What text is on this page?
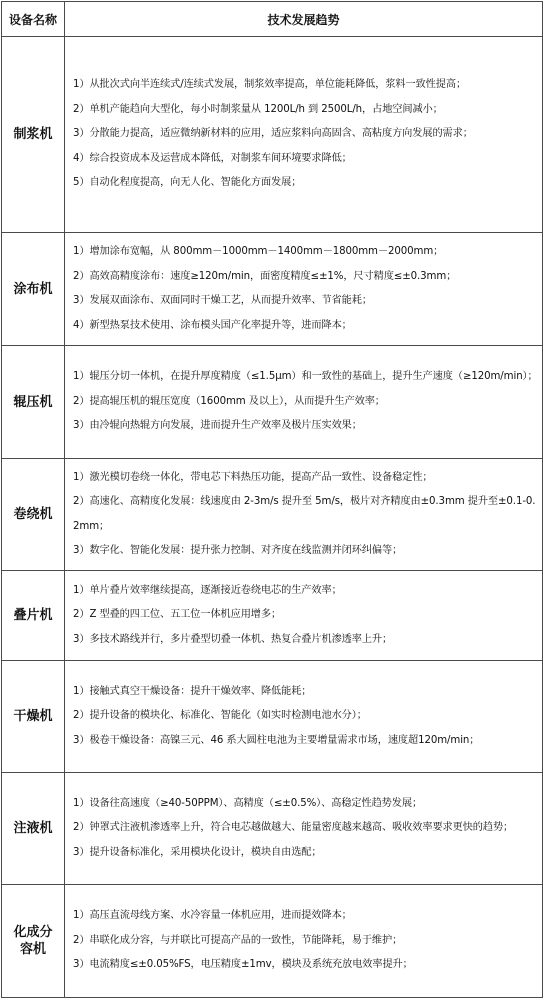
设备名称	技术发展趋势
制浆机	1）从批次式向半连续式/连续式发展，制浆效率提高，单位能耗降低，浆料一致性提高；
2）单机产能趋向大型化，每小时制浆量从 1200L/h 到 2500L/h，占地空间减小；
3）分散能力提高，适应微纳新材料的应用，适应浆料向高固含、高粘度方向发展的需求；
4）综合投资成本及运营成本降低，对制浆车间环境要求降低；
5）自动化程度提高，向无人化、智能化方面发展；

涂布机	1）增加涂布宽幅，从 800mm－1000mm－1400mm－1800mm－2000mm；
2）高效高精度涂布：速度≥120m/min，面密度精度≤±1%，尺寸精度≤±0.3mm；
3）发展双面涂布、双面同时干燥工艺，从而提升效率、节省能耗；
4）新型热泵技术使用、涂布模头国产化率提升等，进而降本；

辊压机	1）辊压分切一体机，在提升厚度精度（≤1.5μm）和一致性的基础上，提升生产速度（≥120m/min）；
2）提高辊压机的辊压宽度（1600mm 及以上），从而提升生产效率；
3）由冷辊向热辊方向发展，进而提升生产效率及极片压实效果；

卷绕机	1）激光模切卷绕一体化，带电芯下料热压功能，提高产品一致性、设备稳定性；
2）高速化、高精度化发展：线速度由 2-3m/s 提升至 5m/s，极片对齐精度由±0.3mm 提升至±0.1-0.2mm；
3）数字化、智能化发展：提升张力控制、对齐度在线监测并闭环纠偏等；

叠片机	1）单片叠片效率继续提高，逐渐接近卷绕电芯的生产效率；
2）Z 型叠的四工位、五工位一体机应用增多；
3）多技术路线并行，多片叠型切叠一体机、热复合叠片机渗透率上升；

干燥机	1）接触式真空干燥设备：提升干燥效率、降低能耗；
2）提升设备的模块化、标准化、智能化（如实时检测电池水分）；
3）极卷干燥设备：高镍三元、46 系大圆柱电池为主要增量需求市场，速度超120m/min；

注液机	1）设备往高速度（≥40-50PPM）、高精度（≤±0.5%）、高稳定性趋势发展；
2）钟罩式注液机渗透率上升，符合电芯越做越大、能量密度越来越高、吸收效率要求更快的趋势；
3）提升设备标准化，采用模块化设计，模块自由选配；

化成分容机	1）高压直流母线方案、水冷容量一体机应用，进而提效降本；
2）串联化成分容，与并联比可提高产品的一致性，节能降耗，易于维护；
3）电流精度≤±0.05%FS，电压精度±1mv，模块及系统充放电效率提升；
